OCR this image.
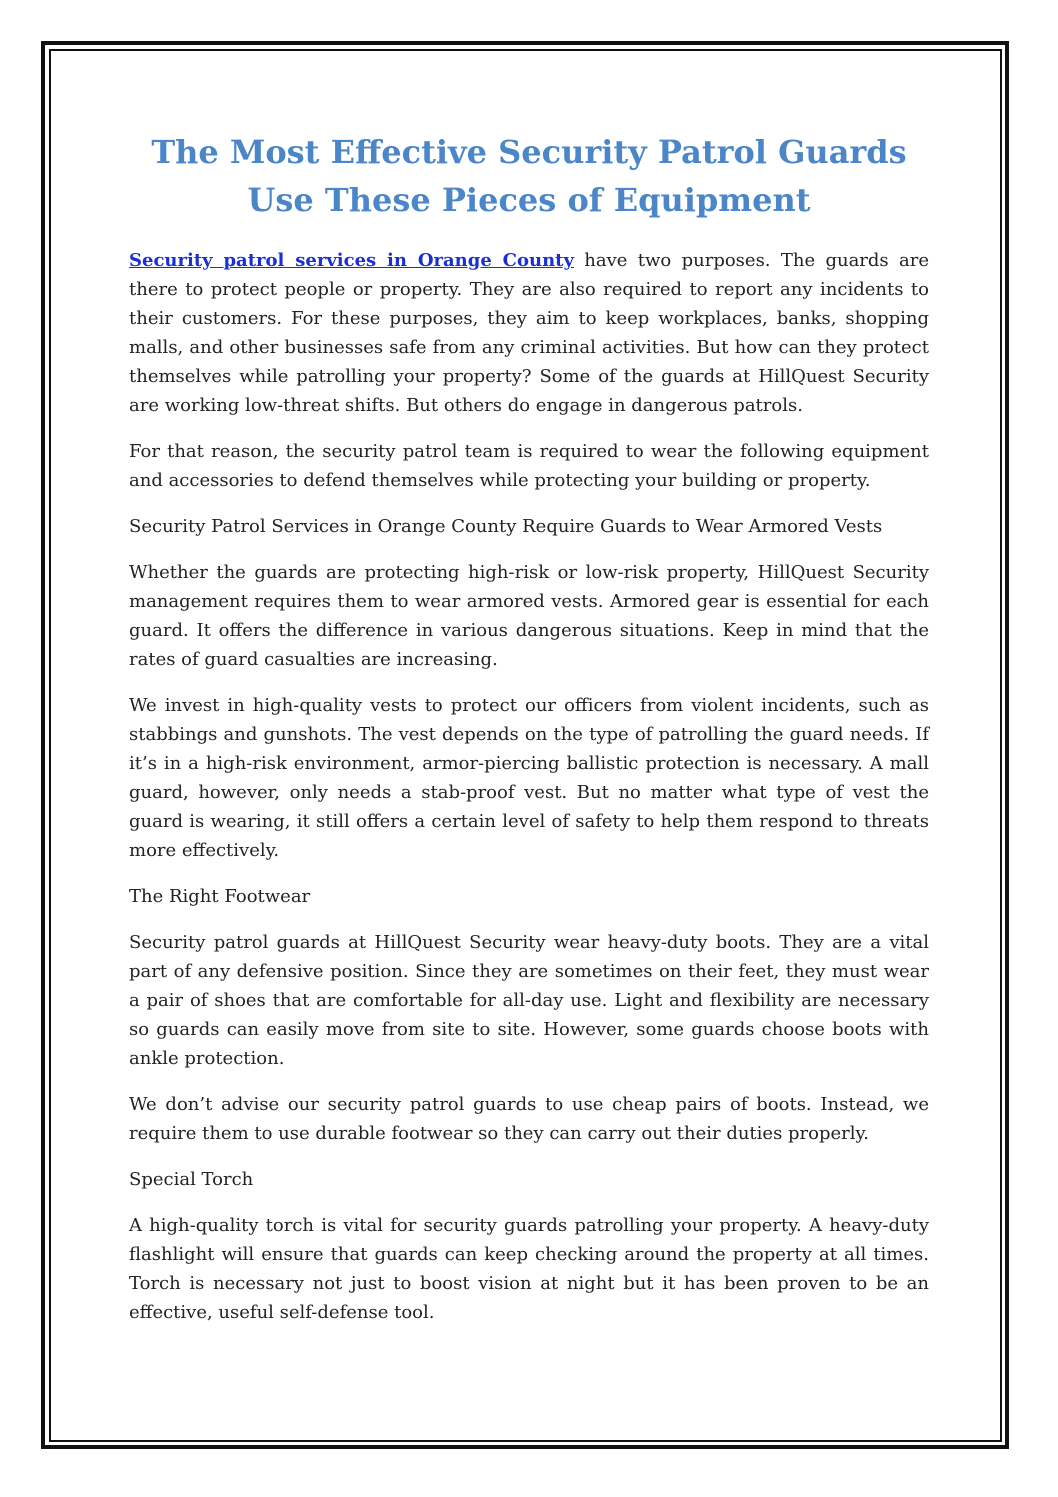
The Most Effective Security Patrol Guards Use These Pieces of Equipment

Security patrol services in Orange County have two purposes. The guards are there to protect people or property. They are also required to report any incidents to their customers. For these purposes, they aim to keep workplaces, banks, shopping malls, and other businesses safe from any criminal activities. But how can they protect themselves while patrolling your property? Some of the guards at HillQuest Security are working low-threat shifts. But others do engage in dangerous patrols.

For that reason, the security patrol team is required to wear the following equipment and accessories to defend themselves while protecting your building or property.

Security Patrol Services in Orange County Require Guards to Wear Armored Vests

Whether the guards are protecting high-risk or low-risk property, HillQuest Security management requires them to wear armored vests. Armored gear is essential for each guard. It offers the difference in various dangerous situations. Keep in mind that the rates of guard casualties are increasing.

We invest in high-quality vests to protect our officers from violent incidents, such as stabbings and gunshots. The vest depends on the type of patrolling the guard needs. If it’s in a high-risk environment, armor-piercing ballistic protection is necessary. A mall guard, however, only needs a stab-proof vest. But no matter what type of vest the guard is wearing, it still offers a certain level of safety to help them respond to threats more effectively.

The Right Footwear

Security patrol guards at HillQuest Security wear heavy-duty boots. They are a vital part of any defensive position. Since they are sometimes on their feet, they must wear a pair of shoes that are comfortable for all-day use. Light and flexibility are necessary so guards can easily move from site to site. However, some guards choose boots with ankle protection.

We don’t advise our security patrol guards to use cheap pairs of boots. Instead, we require them to use durable footwear so they can carry out their duties properly.

Special Torch

A high-quality torch is vital for security guards patrolling your property. A heavy-duty flashlight will ensure that guards can keep checking around the property at all times. Torch is necessary not just to boost vision at night but it has been proven to be an effective, useful self-defense tool.
